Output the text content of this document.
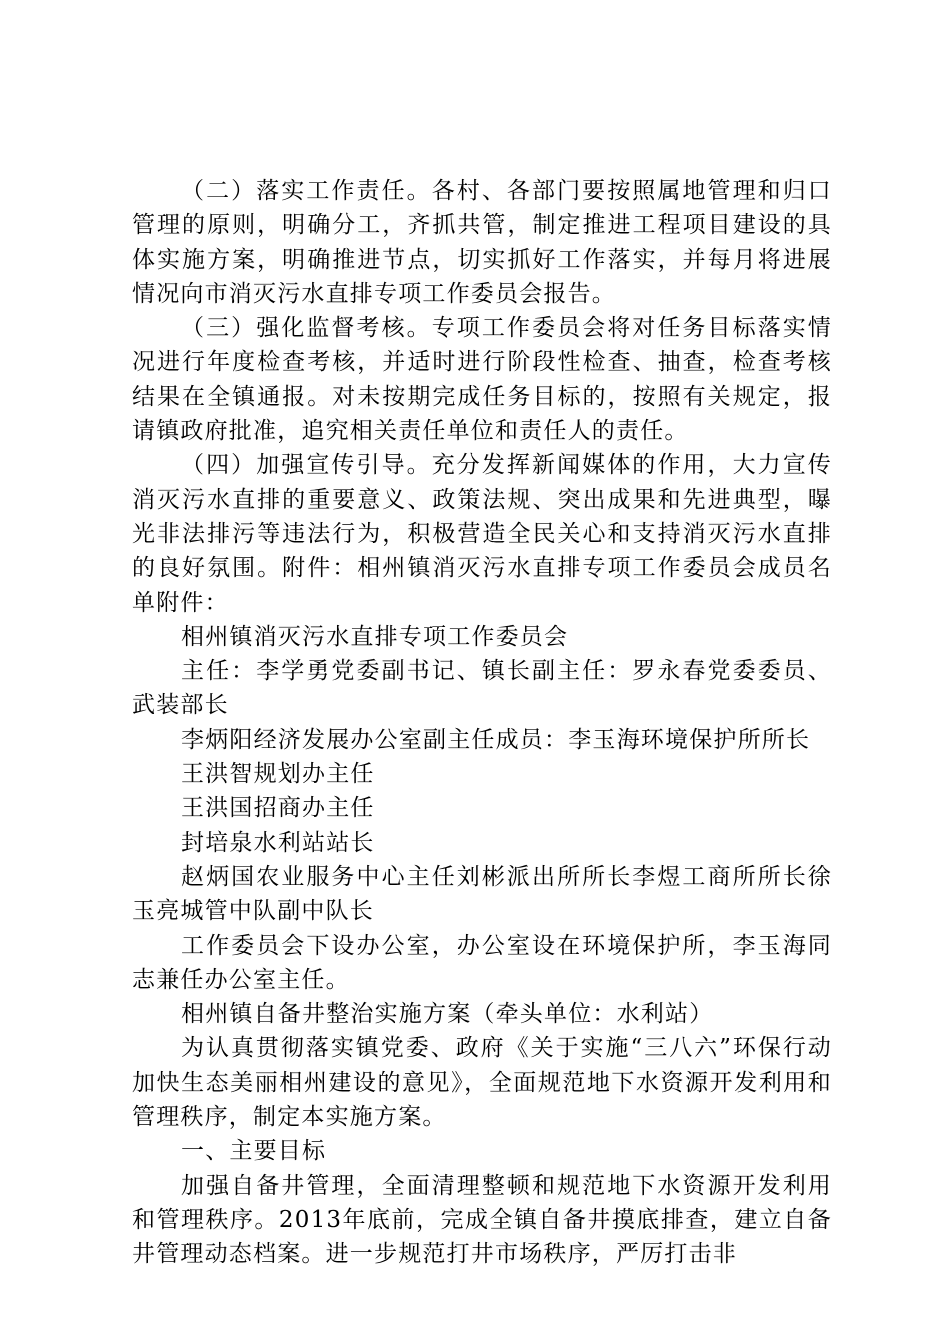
（二）落实工作责任。各村、各部门要按照属地管理和归口管理的原则，明确分工，齐抓共管，制定推进工程项目建设的具体实施方案，明确推进节点，切实抓好工作落实，并每月将进展情况向市消灭污水直排专项工作委员会报告。

（三）强化监督考核。专项工作委员会将对任务目标落实情况进行年度检查考核，并适时进行阶段性检查、抽查，检查考核结果在全镇通报。对未按期完成任务目标的，按照有关规定，报请镇政府批准，追究相关责任单位和责任人的责任。

（四）加强宣传引导。充分发挥新闻媒体的作用，大力宣传消灭污水直排的重要意义、政策法规、突出成果和先进典型，曝光非法排污等违法行为，积极营造全民关心和支持消灭污水直排的良好氛围。附件：相州镇消灭污水直排专项工作委员会成员名单附件：

相州镇消灭污水直排专项工作委员会

主任：李学勇党委副书记、镇长副主任：罗永春党委委员、武装部长

李炳阳经济发展办公室副主任成员：李玉海环境保护所所长

王洪智规划办主任

王洪国招商办主任

封培泉水利站站长

赵炳国农业服务中心主任刘彬派出所所长李煜工商所所长徐玉亮城管中队副中队长

工作委员会下设办公室，办公室设在环境保护所，李玉海同志兼任办公室主任。

相州镇自备井整治实施方案（牵头单位：水利站）

为认真贯彻落实镇党委、政府《关于实施“三八六”环保行动加快生态美丽相州建设的意见》，全面规范地下水资源开发利用和管理秩序，制定本实施方案。

一、主要目标

加强自备井管理，全面清理整顿和规范地下水资源开发利用和管理秩序。2013年底前，完成全镇自备井摸底排查，建立自备井管理动态档案。进一步规范打井市场秩序，严厉打击非
